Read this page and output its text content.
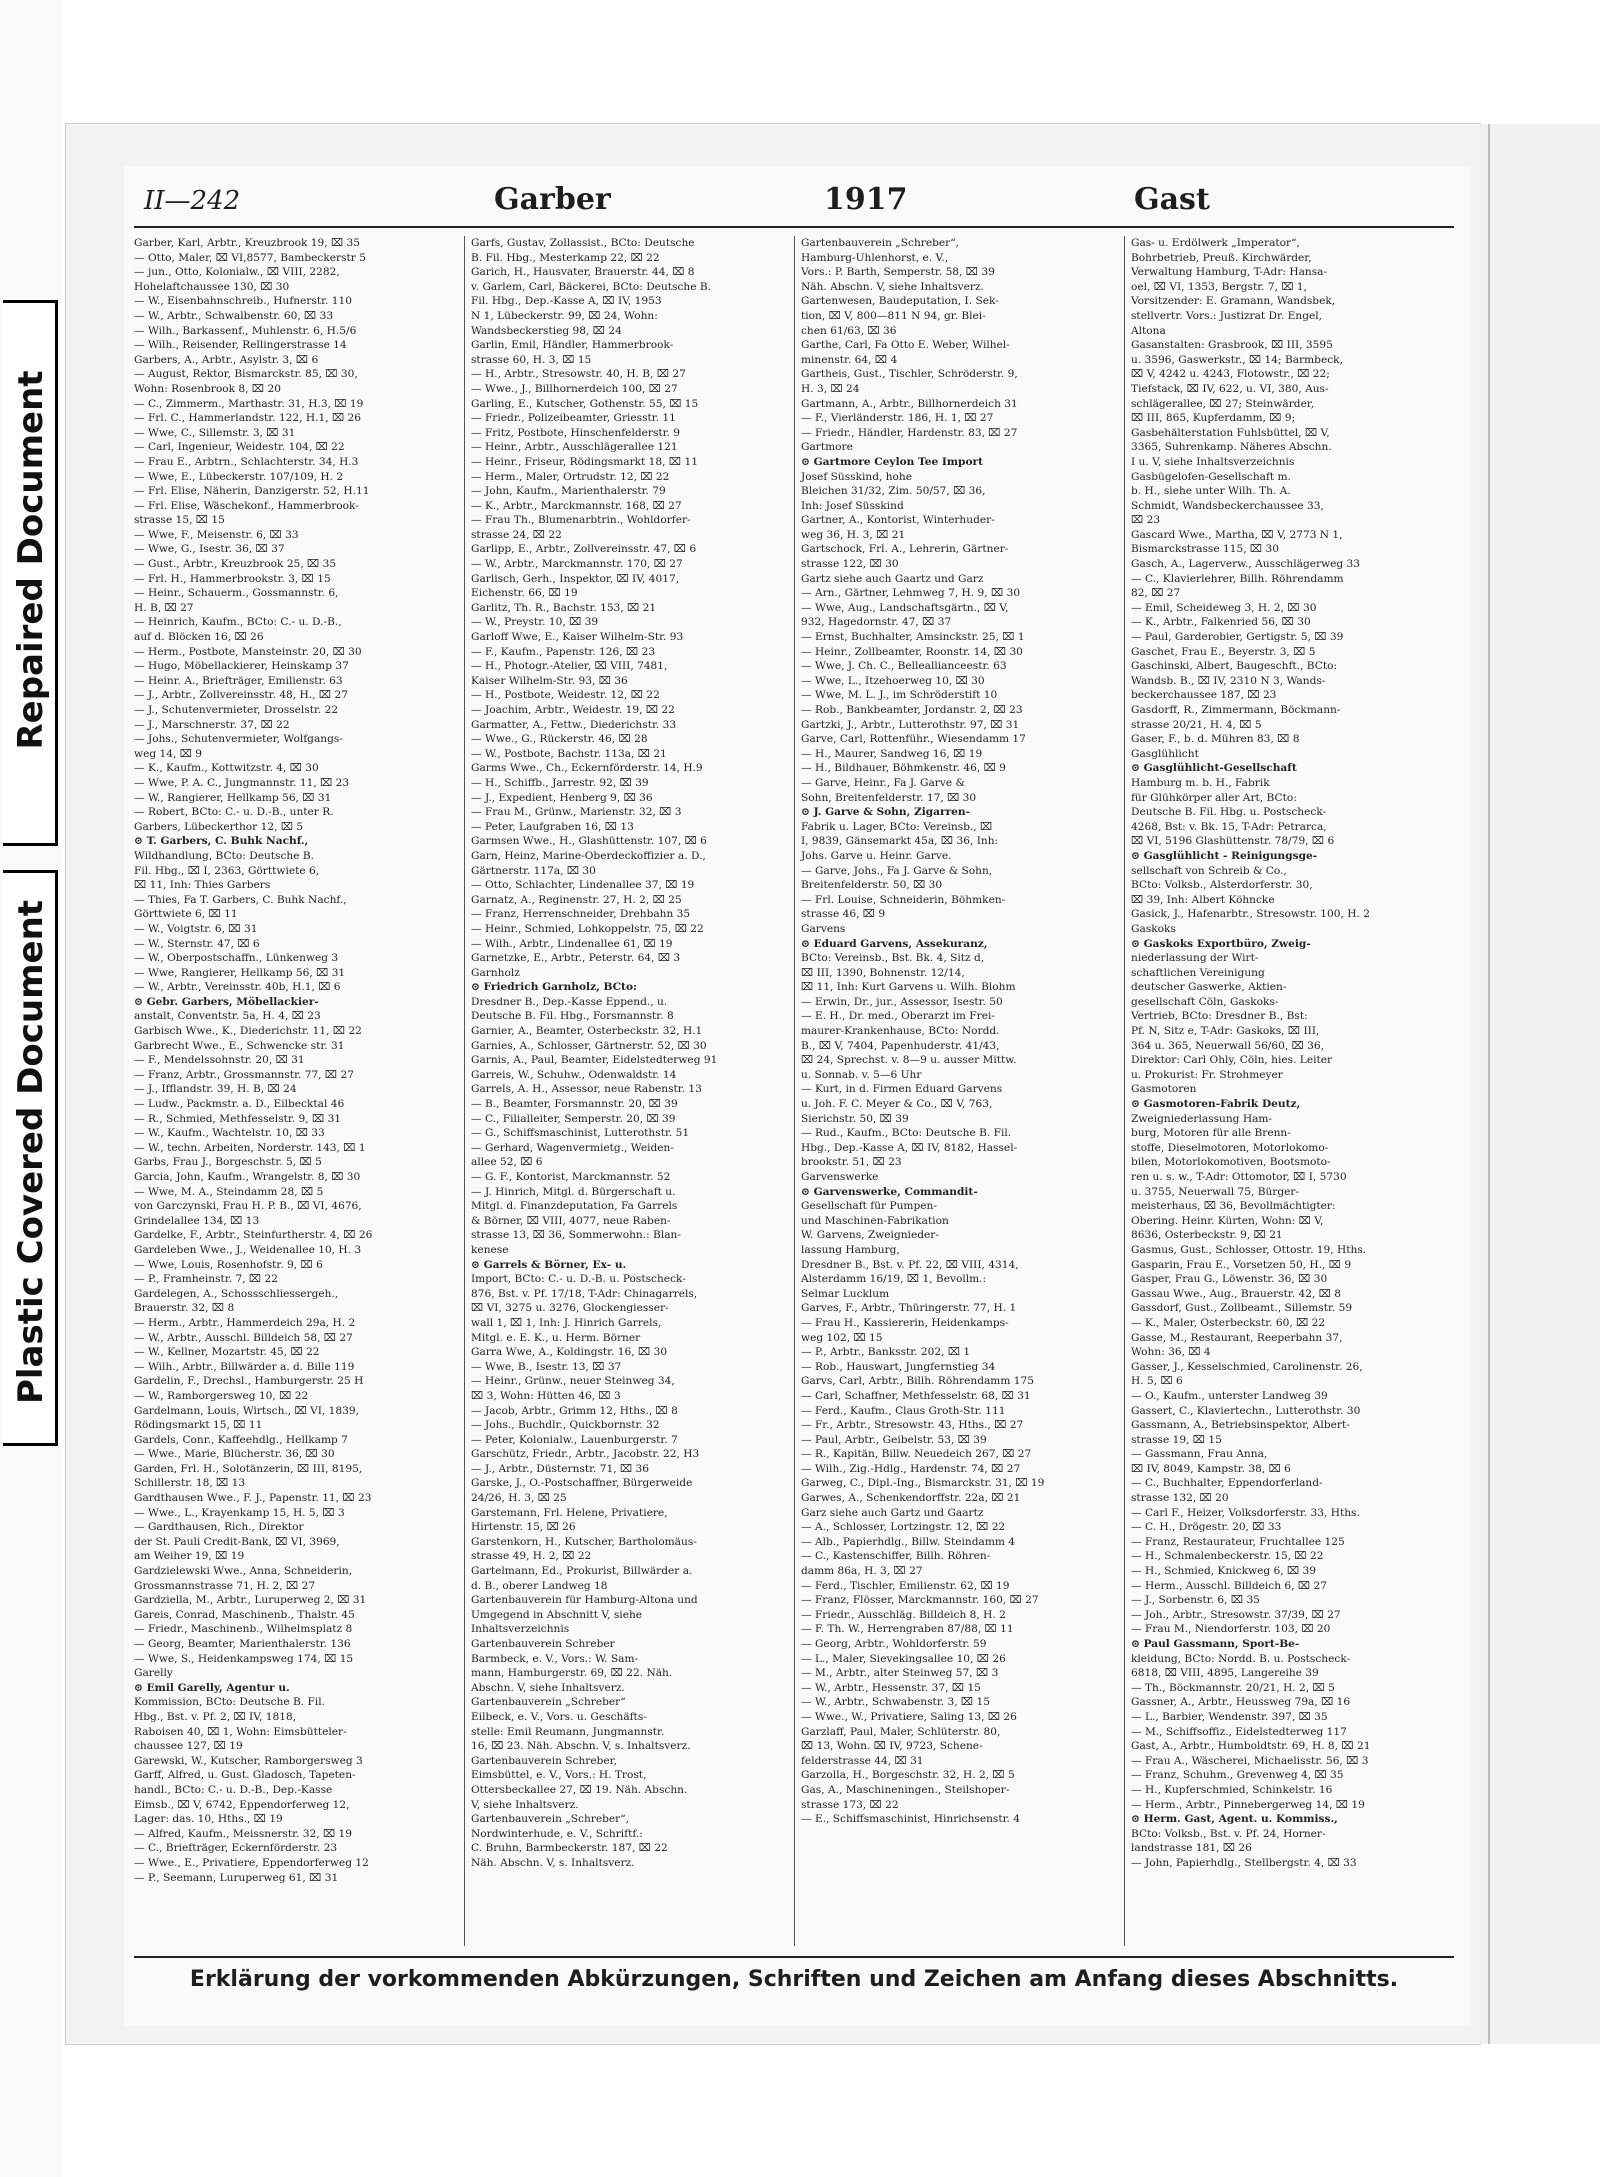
Repaired Document
Plastic Covered Document
II—242	Garber	1917	Gast

Garber, Karl, Arbtr., Kreuzbrook 19, ⌧ 35

— Otto, Maler, ⌧ VI,8577, Bambeckerstr 5

— jun., Otto, Kolonialw., ⌧ VIII, 2282,

Hohelaftchaussee 130, ⌧ 30

— W., Eisenbahnschreib., Hufnerstr. 110

— W., Arbtr., Schwalbenstr. 60, ⌧ 33

— Wilh., Barkassenf., Muhlenstr. 6, H.5/6

— Wilh., Reisender, Rellingerstrasse 14

Garbers, A., Arbtr., Asylstr. 3, ⌧ 6

— August, Rektor, Bismarckstr. 85, ⌧ 30,

Wohn: Rosenbrook 8, ⌧ 20

— C., Zimmerm., Marthastr. 31, H.3, ⌧ 19

— Frl. C., Hammerlandstr. 122, H.1, ⌧ 26

— Wwe, C., Sillemstr. 3, ⌧ 31

— Carl, Ingenieur, Weidestr. 104, ⌧ 22

— Frau E., Arbtrn., Schlachterstr. 34, H.3

— Wwe, E., Lübeckerstr. 107/109, H. 2

— Frl. Elise, Näherin, Danzigerstr. 52, H.11

— Frl. Elise, Wäschekonf., Hammerbrook-

strasse 15, ⌧ 15

— Wwe, F., Meisenstr. 6, ⌧ 33

— Wwe, G., Isestr. 36, ⌧ 37

— Gust., Arbtr., Kreuzbrook 25, ⌧ 35

— Frl. H., Hammerbrookstr. 3, ⌧ 15

— Heinr., Schauerm., Gossmannstr. 6,

H. B, ⌧ 27

— Heinrich, Kaufm., BCto: C.- u. D.-B.,

auf d. Blöcken 16, ⌧ 26

— Herm., Postbote, Mansteinstr. 20, ⌧ 30

— Hugo, Möbellackierer, Heinskamp 37

— Heinr. A., Briefträger, Emilienstr. 63

— J., Arbtr., Zollvereinsstr. 48, H., ⌧ 27

— J., Schutenvermieter, Drosselstr. 22

— J., Marschnerstr. 37, ⌧ 22

— Johs., Schutenvermieter, Wolfgangs-

weg 14, ⌧ 9

— K., Kaufm., Kottwitzstr. 4, ⌧ 30

— Wwe, P. A. C., Jungmannstr. 11, ⌧ 23

— W., Rangierer, Hellkamp 56, ⌧ 31

— Robert, BCto: C.- u. D.-B., unter R.

Garbers, Lübeckerthor 12, ⌧ 5

⊙ T. Garbers, C. Buhk Nachf.,

Wildhandlung, BCto: Deutsche B.

Fil. Hbg., ⌧ I, 2363, Görttwiete 6,

⌧ 11, Inh: Thies Garbers

— Thies, Fa T. Garbers, C. Buhk Nachf.,

Görttwiete 6, ⌧ 11

— W., Voigtstr. 6, ⌧ 31

— W., Sternstr. 47, ⌧ 6

— W., Oberpostschaffn., Lünkenweg 3

— Wwe, Rangierer, Hellkamp 56, ⌧ 31

— W., Arbtr., Vereinsstr. 40b, H.1, ⌧ 6

⊙ Gebr. Garbers, Möbellackier-

anstalt, Conventstr. 5a, H. 4, ⌧ 23

Garbisch Wwe., K., Diederichstr. 11, ⌧ 22

Garbrecht Wwe., E., Schwencke str. 31

— F., Mendelssohnstr. 20, ⌧ 31

— Franz, Arbtr., Grossmannstr. 77, ⌧ 27

— J., Ifflandstr. 39, H. B, ⌧ 24

— Ludw., Packmstr. a. D., Eilbecktal 46

— R., Schmied, Methfesselstr. 9, ⌧ 31

— W., Kaufm., Wachtelstr. 10, ⌧ 33

— W., techn. Arbeiten, Norderstr. 143, ⌧ 1

Garbs, Frau J., Borgeschstr. 5, ⌧ 5

Garcia, John, Kaufm., Wrangelstr. 8, ⌧ 30

— Wwe, M. A., Steindamm 28, ⌧ 5

von Garczynski, Frau H. P. B., ⌧ VI, 4676,

Grindelallee 134, ⌧ 13

Gardelke, F., Arbtr., Steinfurtherstr. 4, ⌧ 26

Gardeleben Wwe., J., Weidenallee 10, H. 3

— Wwe, Louis, Rosenhofstr. 9, ⌧ 6

— P., Framheinstr. 7, ⌧ 22

Gardelegen, A., Schossschliessergeh.,

Brauerstr. 32, ⌧ 8

— Herm., Arbtr., Hammerdeich 29a, H. 2

— W., Arbtr., Ausschl. Billdeich 58, ⌧ 27

— W., Kellner, Mozartstr. 45, ⌧ 22

— Wilh., Arbtr., Billwärder a. d. Bille 119

Gardelin, F., Drechsl., Hamburgerstr. 25 H

— W., Ramborgersweg 10, ⌧ 22

Gardelmann, Louis, Wirtsch., ⌧ VI, 1839,

Rödingsmarkt 15, ⌧ 11

Gardels, Conr., Kaffeehdlg., Hellkamp 7

— Wwe., Marie, Blücherstr. 36, ⌧ 30

Garden, Frl. H., Solotänzerin, ⌧ III, 8195,

Schillerstr. 18, ⌧ 13

Gardthausen Wwe., F. J., Papenstr. 11, ⌧ 23

— Wwe., L., Krayenkamp 15, H. 5, ⌧ 3

— Gardthausen, Rich., Direktor

der St. Pauli Credit-Bank, ⌧ VI, 3969,

am Weiher 19, ⌧ 19

Gardzielewski Wwe., Anna, Schneiderin,

Grossmannstrasse 71, H. 2, ⌧ 27

Gardziella, M., Arbtr., Luruperweg 2, ⌧ 31

Gareis, Conrad, Maschinenb., Thalstr. 45

— Friedr., Maschinenb., Wilhelmsplatz 8

— Georg, Beamter, Marienthalerstr. 136

— Wwe, S., Heidenkampsweg 174, ⌧ 15

Garelly

⊙ Emil Garelly, Agentur u.

Kommission, BCto: Deutsche B. Fil.

Hbg., Bst. v. Pf. 2, ⌧ IV, 1818,

Raboisen 40, ⌧ 1, Wohn: Eimsbütteler-

chaussee 127, ⌧ 19

Garewski, W., Kutscher, Ramborgersweg 3

Garff, Alfred, u. Gust. Gladosch, Tapeten-

handl., BCto: C.- u. D.-B., Dep.-Kasse

Eimsb., ⌧ V, 6742, Eppendorferweg 12,

Lager: das. 10, Hths., ⌧ 19

— Alfred, Kaufm., Meissnerstr. 32, ⌧ 19

— C., Briefträger, Eckernförderstr. 23

— Wwe., E., Privatiere, Eppendorferweg 12

— P., Seemann, Luruperweg 61, ⌧ 31

Garfs, Gustav, Zollassist., BCto: Deutsche

B. Fil. Hbg., Mesterkamp 22, ⌧ 22

Garich, H., Hausvater, Brauerstr. 44, ⌧ 8

v. Garlem, Carl, Bäckerei, BCto: Deutsche B.

Fil. Hbg., Dep.-Kasse A, ⌧ IV, 1953

N 1, Lübeckerstr. 99, ⌧ 24, Wohn:

Wandsbeckerstieg 98, ⌧ 24

Garlin, Emil, Händler, Hammerbrook-

strasse 60, H. 3, ⌧ 15

— H., Arbtr., Stresowstr. 40, H. B, ⌧ 27

— Wwe., J., Billhornerdeich 100, ⌧ 27

Garling, E., Kutscher, Gothenstr. 55, ⌧ 15

— Friedr., Polizeibeamter, Griesstr. 11

— Fritz, Postbote, Hinschenfelderstr. 9

— Heinr., Arbtr., Ausschlägerallee 121

— Heinr., Friseur, Rödingsmarkt 18, ⌧ 11

— Herm., Maler, Ortrudstr. 12, ⌧ 22

— John, Kaufm., Marienthalerstr. 79

— K., Arbtr., Marckmannstr. 168, ⌧ 27

— Frau Th., Blumenarbtrin., Wohldorfer-

strasse 24, ⌧ 22

Garlipp, E., Arbtr., Zollvereinsstr. 47, ⌧ 6

— W., Arbtr., Marckmannstr. 170, ⌧ 27

Garlisch, Gerh., Inspektor, ⌧ IV, 4017,

Eichenstr. 66, ⌧ 19

Garlitz, Th. R., Bachstr. 153, ⌧ 21

— W., Preystr. 10, ⌧ 39

Garloff Wwe, E., Kaiser Wilhelm-Str. 93

— F., Kaufm., Papenstr. 126, ⌧ 23

— H., Photogr.-Atelier, ⌧ VIII, 7481,

Kaiser Wilhelm-Str. 93, ⌧ 36

— H., Postbote, Weidestr. 12, ⌧ 22

— Joachim, Arbtr., Weidestr. 19, ⌧ 22

Garmatter, A., Fettw., Diederichstr. 33

— Wwe., G., Rückerstr. 46, ⌧ 28

— W., Postbote, Bachstr. 113a, ⌧ 21

Garms Wwe., Ch., Eckernförderstr. 14, H.9

— H., Schiffb., Jarrestr. 92, ⌧ 39

— J., Expedient, Henberg 9, ⌧ 36

— Frau M., Grünw., Marienstr. 32, ⌧ 3

— Peter, Laufgraben 16, ⌧ 13

Garmsen Wwe., H., Glashüttenstr. 107, ⌧ 6

Garn, Heinz, Marine-Oberdeckoffizier a. D.,

Gärtnerstr. 117a, ⌧ 30

— Otto, Schlachter, Lindenallee 37, ⌧ 19

Garnatz, A., Reginenstr. 27, H. 2, ⌧ 25

— Franz, Herrenschneider, Drehbahn 35

— Heinr., Schmied, Lohkoppelstr. 75, ⌧ 22

— Wilh., Arbtr., Lindenallee 61, ⌧ 19

Garnetzke, E., Arbtr., Peterstr. 64, ⌧ 3

Garnholz

⊙ Friedrich Garnholz, BCto:

Dresdner B., Dep.-Kasse Eppend., u.

Deutsche B. Fil. Hbg., Forsmannstr. 8

Garnier, A., Beamter, Osterbeckstr. 32, H.1

Garnies, A., Schlosser, Gärtnerstr. 52, ⌧ 30

Garnis, A., Paul, Beamter, Eidelstedterweg 91

Garreis, W., Schuhw., Odenwaldstr. 14

Garrels, A. H., Assessor, neue Rabenstr. 13

— B., Beamter, Forsmannstr. 20, ⌧ 39

— C., Filialleiter, Semperstr. 20, ⌧ 39

— G., Schiffsmaschinist, Lutterothstr. 51

— Gerhard, Wagenvermietg., Weiden-

allee 52, ⌧ 6

— G. F., Kontorist, Marckmannstr. 52

— J. Hinrich, Mitgl. d. Bürgerschaft u.

Mitgl. d. Finanzdeputation, Fa Garrels

& Börner, ⌧ VIII, 4077, neue Raben-

strasse 13, ⌧ 36, Sommerwohn.: Blan-

kenese

⊙ Garrels & Börner, Ex- u.

Import, BCto: C.- u. D.-B. u. Postscheck-

876, Bst. v. Pf. 17/18, T-Adr: Chinagarrels,

⌧ VI, 3275 u. 3276, Glockengiesser-

wall 1, ⌧ 1, Inh: J. Hinrich Garrels,

Mitgl. e. E. K., u. Herm. Börner

Garra Wwe, A., Koldingstr. 16, ⌧ 30

— Wwe, B., Isestr. 13, ⌧ 37

— Heinr., Grünw., neuer Steinweg 34,

⌧ 3, Wohn: Hütten 46, ⌧ 3

— Jacob, Arbtr., Grimm 12, Hths., ⌧ 8

— Johs., Buchdlr., Quickbornstr. 32

— Peter, Kolonialw., Lauenburgerstr. 7

Garschütz, Friedr., Arbtr., Jacobstr. 22, H3

— J., Arbtr., Düsternstr. 71, ⌧ 36

Garske, J., O.-Postschaffner, Bürgerweide

24/26, H. 3, ⌧ 25

Garstemann, Frl. Helene, Privatiere,

Hirtenstr. 15, ⌧ 26

Garstenkorn, H., Kutscher, Bartholomäus-

strasse 49, H. 2, ⌧ 22

Gartelmann, Ed., Prokurist, Billwärder a.

d. B., oberer Landweg 18

Gartenbauverein für Hamburg-Altona und

Umgegend in Abschnitt V, siehe

Inhaltsverzeichnis

Gartenbauverein Schreber

Barmbeck, e. V., Vors.: W. Sam-

mann, Hamburgerstr. 69, ⌧ 22. Näh.

Abschn. V, siehe Inhaltsverz.

Gartenbauverein „Schreber“

Eilbeck, e. V., Vors. u. Geschäfts-

stelle: Emil Reumann, Jungmannstr.

16, ⌧ 23. Näh. Abschn. V, s. Inhaltsverz.

Gartenbauverein Schreber,

Eimsbüttel, e. V., Vors.: H. Trost,

Ottersbeckallee 27, ⌧ 19. Näh. Abschn.

V, siehe Inhaltsverz.

Gartenbauverein „Schreber“,

Nordwinterhude, e. V., Schriftf.:

C. Bruhn, Barmbeckerstr. 187, ⌧ 22

Näh. Abschn. V, s. Inhaltsverz.

Gartenbauverein „Schreber“,

Hamburg-Uhlenhorst, e. V.,

Vors.: P. Barth, Semperstr. 58, ⌧ 39

Näh. Abschn. V, siehe Inhaltsverz.

Gartenwesen, Baudeputation, I. Sek-

tion, ⌧ V, 800—811 N 94, gr. Blei-

chen 61/63, ⌧ 36

Garthe, Carl, Fa Otto E. Weber, Wilhel-

minenstr. 64, ⌧ 4

Gartheis, Gust., Tischler, Schröderstr. 9,

H. 3, ⌧ 24

Gartmann, A., Arbtr., Billhornerdeich 31

— F., Vierländerstr. 186, H. 1, ⌧ 27

— Friedr., Händler, Hardenstr. 83, ⌧ 27

Gartmore

⊙ Gartmore Ceylon Tee Import

Josef Süsskind, hohe

Bleichen 31/32, Zim. 50/57, ⌧ 36,

Inh: Josef Süsskind

Gartner, A., Kontorist, Winterhuder-

weg 36, H. 3, ⌧ 21

Gartschock, Frl. A., Lehrerin, Gärtner-

strasse 122, ⌧ 30

Gartz siehe auch Gaartz und Garz

— Arn., Gärtner, Lehmweg 7, H. 9, ⌧ 30

— Wwe, Aug., Landschaftsgärtn., ⌧ V,

932, Hagedornstr. 47, ⌧ 37

— Ernst, Buchhalter, Amsinckstr. 25, ⌧ 1

— Heinr., Zollbeamter, Roonstr. 14, ⌧ 30

— Wwe, J. Ch. C., Belleallianceestr. 63

— Wwe, L., Itzehoerweg 10, ⌧ 30

— Wwe, M. L. J., im Schröderstift 10

— Rob., Bankbeamter, Jordanstr. 2, ⌧ 23

Gartzki, J., Arbtr., Lutterothstr. 97, ⌧ 31

Garve, Carl, Rottenführ., Wiesendamm 17

— H., Maurer, Sandweg 16, ⌧ 19

— H., Bildhauer, Böhmkenstr. 46, ⌧ 9

— Garve, Heinr., Fa J. Garve &

Sohn, Breitenfelderstr. 17, ⌧ 30

⊙ J. Garve & Sohn, Zigarren-

Fabrik u. Lager, BCto: Vereinsb., ⌧

I, 9839, Gänsemarkt 45a, ⌧ 36, Inh:

Johs. Garve u. Heinr. Garve.

— Garve, Johs., Fa J. Garve & Sohn,

Breitenfelderstr. 50, ⌧ 30

— Frl. Louise, Schneiderin, Böhmken-

strasse 46, ⌧ 9

Garvens

⊙ Eduard Garvens, Assekuranz,

BCto: Vereinsb., Bst. Bk. 4, Sitz d,

⌧ III, 1390, Bohnenstr. 12/14,

⌧ 11, Inh: Kurt Garvens u. Wilh. Blohm

— Erwin, Dr., jur., Assessor, Isestr. 50

— E. H., Dr. med., Oberarzt im Frei-

maurer-Krankenhause, BCto: Nordd.

B., ⌧ V, 7404, Papenhuderstr. 41/43,

⌧ 24, Sprechst. v. 8—9 u. ausser Mittw.

u. Sonnab. v. 5—6 Uhr

— Kurt, in d. Firmen Eduard Garvens

u. Joh. F. C. Meyer & Co., ⌧ V, 763,

Sierichstr. 50, ⌧ 39

— Rud., Kaufm., BCto: Deutsche B. Fil.

Hbg., Dep.-Kasse A, ⌧ IV, 8182, Hassel-

brookstr. 51, ⌧ 23

Garvenswerke

⊙ Garvenswerke, Commandit-

Gesellschaft für Pumpen-

und Maschinen-Fabrikation

W. Garvens, Zweignieder-

lassung Hamburg,

Dresdner B., Bst. v. Pf. 22, ⌧ VIII, 4314,

Alsterdamm 16/19, ⌧ 1, Bevollm.:

Selmar Lucklum

Garves, F., Arbtr., Thüringerstr. 77, H. 1

— Frau H., Kassiererin, Heidenkamps-

weg 102, ⌧ 15

— P., Arbtr., Banksstr. 202, ⌧ 1

— Rob., Hauswart, Jungfernstieg 34

Garvs, Carl, Arbtr., Billh. Röhrendamm 175

— Carl, Schaffner, Methfesselstr. 68, ⌧ 31

— Ferd., Kaufm., Claus Groth-Str. 111

— Fr., Arbtr., Stresowstr. 43, Hths., ⌧ 27

— Paul, Arbtr., Geibelstr. 53, ⌧ 39

— R., Kapitän, Billw. Neuedeich 267, ⌧ 27

— Wilh., Zig.-Hdlg., Hardenstr. 74, ⌧ 27

Garweg, C., Dipl.-Ing., Bismarckstr. 31, ⌧ 19

Garwes, A., Schenkendorffstr. 22a, ⌧ 21

Garz siehe auch Gartz und Gaartz

— A., Schlosser, Lortzingstr. 12, ⌧ 22

— Alb., Papierhdlg., Billw. Steindamm 4

— C., Kastenschiffer, Billh. Röhren-

damm 86a, H. 3, ⌧ 27

— Ferd., Tischler, Emilienstr. 62, ⌧ 19

— Franz, Flösser, Marckmannstr. 160, ⌧ 27

— Friedr., Ausschläg. Billdeich 8, H. 2

— F. Th. W., Herrengraben 87/88, ⌧ 11

— Georg, Arbtr., Wohldorferstr. 59

— L., Maler, Sievekingsallee 10, ⌧ 26

— M., Arbtr., alter Steinweg 57, ⌧ 3

— W., Arbtr., Hessenstr. 37, ⌧ 15

— W., Arbtr., Schwabenstr. 3, ⌧ 15

— Wwe., W., Privatiere, Saling 13, ⌧ 26

Garzlaff, Paul, Maler, Schlüterstr. 80,

⌧ 13, Wohn. ⌧ IV, 9723, Schene-

felderstrasse 44, ⌧ 31

Garzolla, H., Borgeschstr. 32, H. 2, ⌧ 5

Gas, A., Maschineningen., Steilshoper-

strasse 173, ⌧ 22

— E., Schiffsmaschinist, Hinrichsenstr. 4

Gas- u. Erdölwerk „Imperator“,

Bohrbetrieb, Preuß. Kirchwärder,

Verwaltung Hamburg, T-Adr: Hansa-

oel, ⌧ VI, 1353, Bergstr. 7, ⌧ 1,

Vorsitzender: E. Gramann, Wandsbek,

stellvertr. Vors.: Justizrat Dr. Engel,

Altona

Gasanstalten: Grasbrook, ⌧ III, 3595

u. 3596, Gaswerkstr., ⌧ 14; Barmbeck,

⌧ V, 4242 u. 4243, Flotowstr., ⌧ 22;

Tiefstack, ⌧ IV, 622, u. VI, 380, Aus-

schlägerallee, ⌧ 27; Steinwärder,

⌧ III, 865, Kupferdamm, ⌧ 9;

Gasbehälterstation Fuhlsbüttel, ⌧ V,

3365, Suhrenkamp. Näheres Abschn.

I u. V, siehe Inhaltsverzeichnis

Gasbügelofen-Gesellschaft m.

b. H., siehe unter Wilh. Th. A.

Schmidt, Wandsbeckerchaussee 33,

⌧ 23

Gascard Wwe., Martha, ⌧ V, 2773 N 1,

Bismarckstrasse 115, ⌧ 30

Gasch, A., Lagerverw., Ausschlägerweg 33

— C., Klavierlehrer, Billh. Röhrendamm

82, ⌧ 27

— Emil, Scheideweg 3, H. 2, ⌧ 30

— K., Arbtr., Falkenried 56, ⌧ 30

— Paul, Garderobier, Gertigstr. 5, ⌧ 39

Gaschet, Frau E., Beyerstr. 3, ⌧ 5

Gaschinski, Albert, Baugeschft., BCto:

Wandsb. B., ⌧ IV, 2310 N 3, Wands-

beckerchaussee 187, ⌧ 23

Gasdorff, R., Zimmermann, Böckmann-

strasse 20/21, H. 4, ⌧ 5

Gaser, F., b. d. Mühren 83, ⌧ 8

Gasglühlicht

⊙ Gasglühlicht-Gesellschaft

Hamburg m. b. H., Fabrik

für Glühkörper aller Art, BCto:

Deutsche B. Fil. Hbg. u. Postscheck-

4268, Bst: v. Bk. 15, T-Adr: Petrarca,

⌧ VI, 5196 Glashüttenstr. 78/79, ⌧ 6

⊙ Gasglühlicht - Reinigungsge-

sellschaft von Schreib & Co.,

BCto: Volksb., Alsterdorferstr. 30,

⌧ 39, Inh: Albert Köhncke

Gasick, J., Hafenarbtr., Stresowstr. 100, H. 2

Gaskoks

⊙ Gaskoks Exportbüro, Zweig-

niederlassung der Wirt-

schaftlichen Vereinigung

deutscher Gaswerke, Aktien-

gesellschaft Cöln, Gaskoks-

Vertrieb, BCto: Dresdner B., Bst:

Pf. N, Sitz e, T-Adr: Gaskoks, ⌧ III,

364 u. 365, Neuerwall 56/60, ⌧ 36,

Direktor: Carl Ohly, Cöln, hies. Leiter

u. Prokurist: Fr. Strohmeyer

Gasmotoren

⊙ Gasmotoren-Fabrik Deutz,

Zweigniederlassung Ham-

burg, Motoren für alle Brenn-

stoffe, Dieselmotoren, Motorlokomo-

bilen, Motorlokomotiven, Bootsmoto-

ren u. s. w., T-Adr: Ottomotor, ⌧ I, 5730

u. 3755, Neuerwall 75, Bürger-

meisterhaus, ⌧ 36, Bevollmächtigter:

Obering. Heinr. Kürten, Wohn: ⌧ V,

8636, Osterbeckstr. 9, ⌧ 21

Gasmus, Gust., Schlosser, Ottostr. 19, Hths.

Gasparin, Frau E., Vorsetzen 50, H., ⌧ 9

Gasper, Frau G., Löwenstr. 36, ⌧ 30

Gassau Wwe., Aug., Brauerstr. 42, ⌧ 8

Gassdorf, Gust., Zollbeamt., Sillemstr. 59

— K., Maler, Osterbeckstr. 60, ⌧ 22

Gasse, M., Restaurant, Reeperbahn 37,

Wohn: 36, ⌧ 4

Gasser, J., Kesselschmied, Carolinenstr. 26,

H. 5, ⌧ 6

— O., Kaufm., unterster Landweg 39

Gassert, C., Klaviertechn., Lutterothstr. 30

Gassmann, A., Betriebsinspektor, Albert-

strasse 19, ⌧ 15

— Gassmann, Frau Anna,

⌧ IV, 8049, Kampstr. 38, ⌧ 6

— C., Buchhalter, Eppendorferland-

strasse 132, ⌧ 20

— Carl F., Heizer, Volksdorferstr. 33, Hths.

— C. H., Drögestr. 20, ⌧ 33

— Franz, Restaurateur, Fruchtallee 125

— H., Schmalenbeckerstr. 15, ⌧ 22

— H., Schmied, Knickweg 6, ⌧ 39

— Herm., Ausschl. Billdeich 6, ⌧ 27

— J., Sorbenstr. 6, ⌧ 35

— Joh., Arbtr., Stresowstr. 37/39, ⌧ 27

— Frau M., Niendorferstr. 103, ⌧ 20

⊙ Paul Gassmann, Sport-Be-

kleidung, BCto: Nordd. B. u. Postscheck-

6818, ⌧ VIII, 4895, Langereihe 39

— Th., Böckmannstr. 20/21, H. 2, ⌧ 5

Gassner, A., Arbtr., Heussweg 79a, ⌧ 16

— L., Barbier, Wendenstr. 397, ⌧ 35

— M., Schiffsoffiz., Eidelstedterweg 117

Gast, A., Arbtr., Humboldtstr. 69, H. 8, ⌧ 21

— Frau A., Wäscherei, Michaelisstr. 56, ⌧ 3

— Franz, Schuhm., Grevenweg 4, ⌧ 35

— H., Kupferschmied, Schinkelstr. 16

— Herm., Arbtr., Pinnebergerweg 14, ⌧ 19

⊙ Herm. Gast, Agent. u. Kommiss.,

BCto: Volksb., Bst. v. Pf. 24, Horner-

landstrasse 181, ⌧ 26

— John, Papierhdlg., Stellbergstr. 4, ⌧ 33

Erklärung der vorkommenden Abkürzungen, Schriften und Zeichen am Anfang dieses Abschnitts.
